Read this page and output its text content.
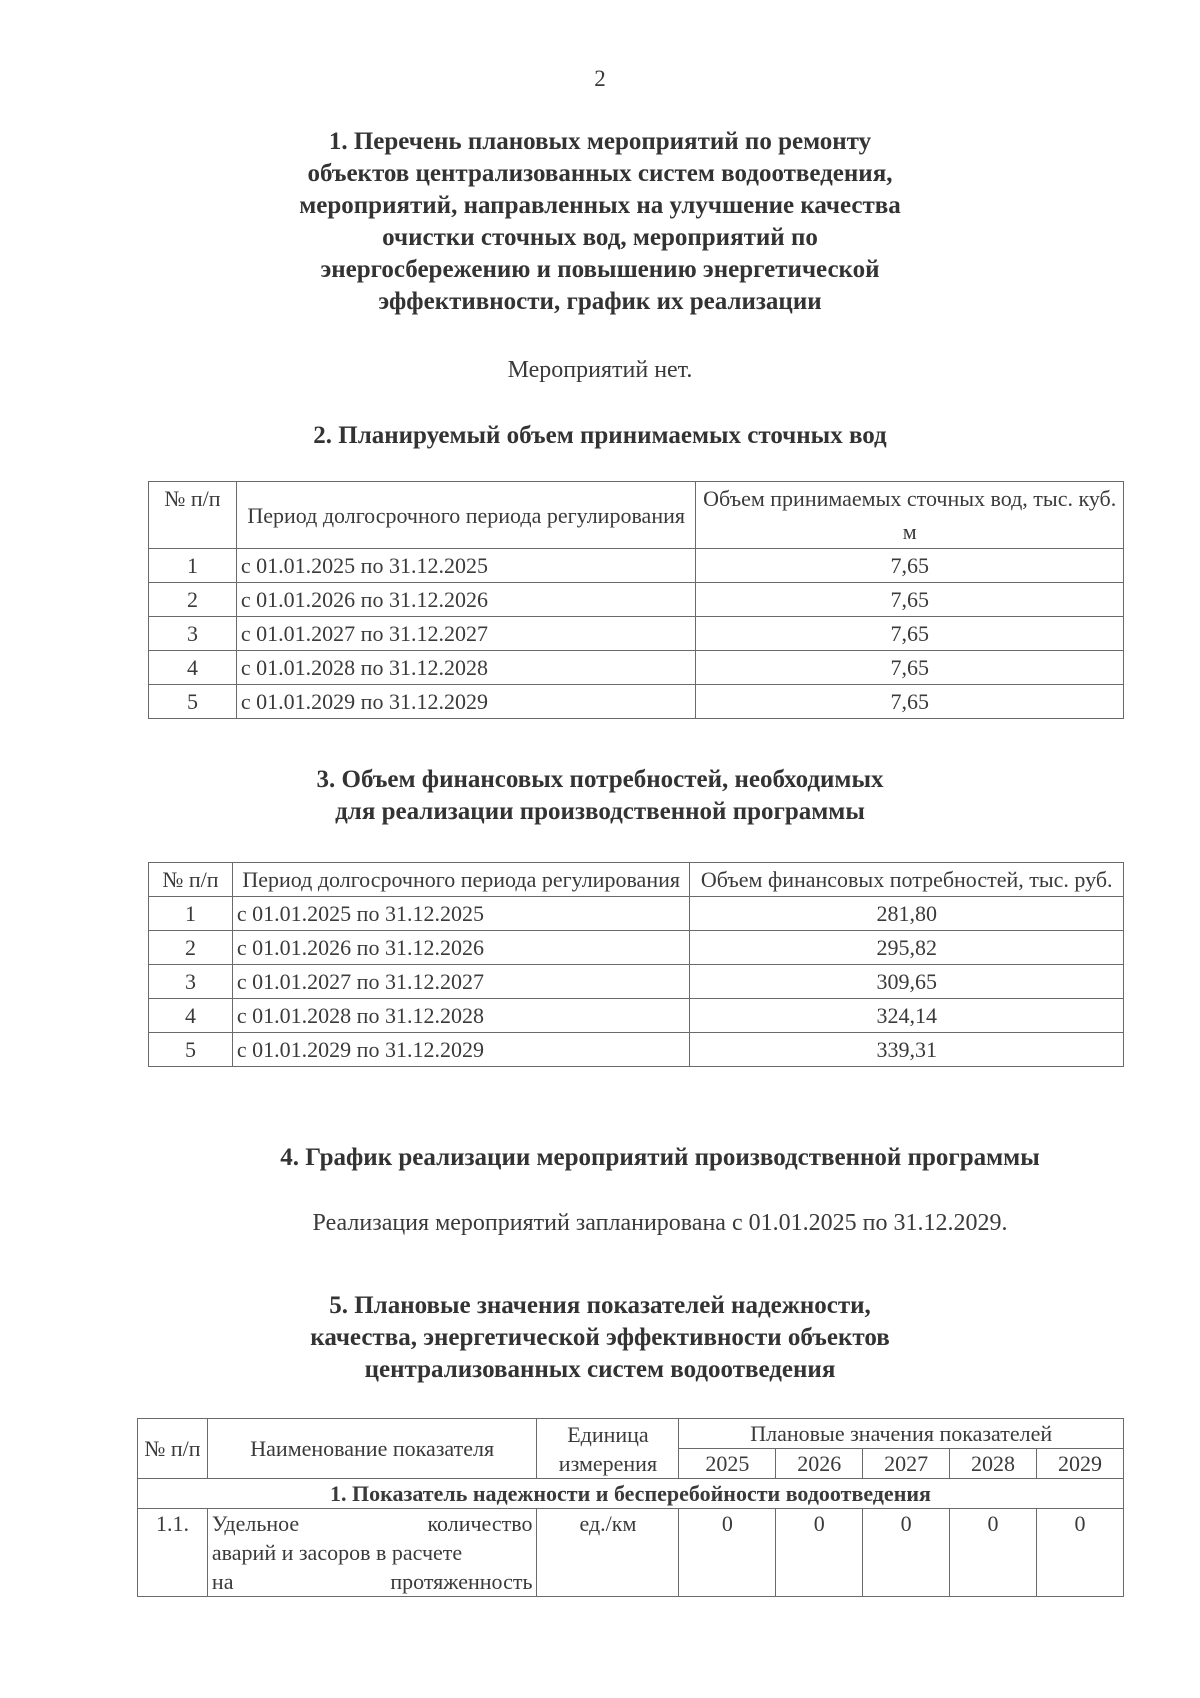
2
1. Перечень плановых мероприятий по ремонту
объектов централизованных систем водоотведения,
мероприятий, направленных на улучшение качества
очистки сточных вод, мероприятий по
энергосбережению и повышению энергетической
эффективности, график их реализации
Мероприятий нет.
2. Планируемый объем принимаемых сточных вод
№ п/п	Период долгосрочного периода регулирования	Объем принимаемых сточных вод, тыс. куб. м
1	с 01.01.2025 по 31.12.2025	7,65
2	с 01.01.2026 по 31.12.2026	7,65
3	с 01.01.2027 по 31.12.2027	7,65
4	с 01.01.2028 по 31.12.2028	7,65
5	с 01.01.2029 по 31.12.2029	7,65
3. Объем финансовых потребностей, необходимых
для реализации производственной программы
№ п/п	Период долгосрочного периода регулирования	Объем финансовых потребностей, тыс. руб.
1	с 01.01.2025 по 31.12.2025	281,80
2	с 01.01.2026 по 31.12.2026	295,82
3	с 01.01.2027 по 31.12.2027	309,65
4	с 01.01.2028 по 31.12.2028	324,14
5	с 01.01.2029 по 31.12.2029	339,31
4. График реализации мероприятий производственной программы
Реализация мероприятий запланирована с 01.01.2025 по 31.12.2029.
5. Плановые значения показателей надежности,
качества, энергетической эффективности объектов
централизованных систем водоотведения
№ п/п	Наименование показателя	Единица измерения	Плановые значения показателей				
			2025	2026	2027	2028	2029
1. Показатель надежности и бесперебойности водоотведения							
1.1.	Удельное количество
аварий и засоров в расчете
на протяженность	ед./км	0	0	0	0	0
